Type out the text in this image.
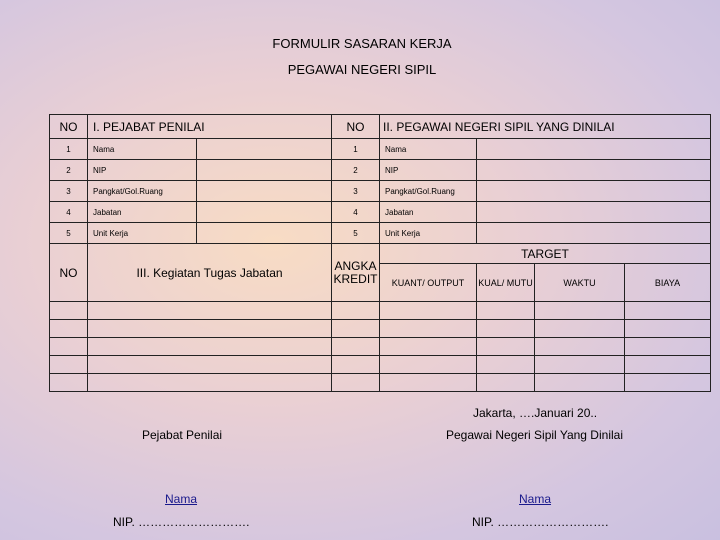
FORMULIR SASARAN KERJA
PEGAWAI NEGERI SIPIL
NO	I. PEJABAT PENILAI		NO	II. PEGAWAI NEGERI SIPIL YANG DINILAI			
1	Nama		1	Nama			
2	NIP		2	NIP			
3	Pangkat/Gol.Ruang		3	Pangkat/Gol.Ruang			
4	Jabatan		4	Jabatan			
5	Unit Kerja		5	Unit Kerja			
NO	III. Kegiatan Tugas Jabatan		ANGKA KREDIT	TARGET			
				KUANT/ OUTPUT	KUAL/ MUTU	WAKTU	BIAYA

Jakarta, ….Januari 20..
Pejabat Penilai	Pegawai Negeri Sipil Yang Dinilai
Nama	Nama
NIP. ……………………….	NIP. ……………………….
